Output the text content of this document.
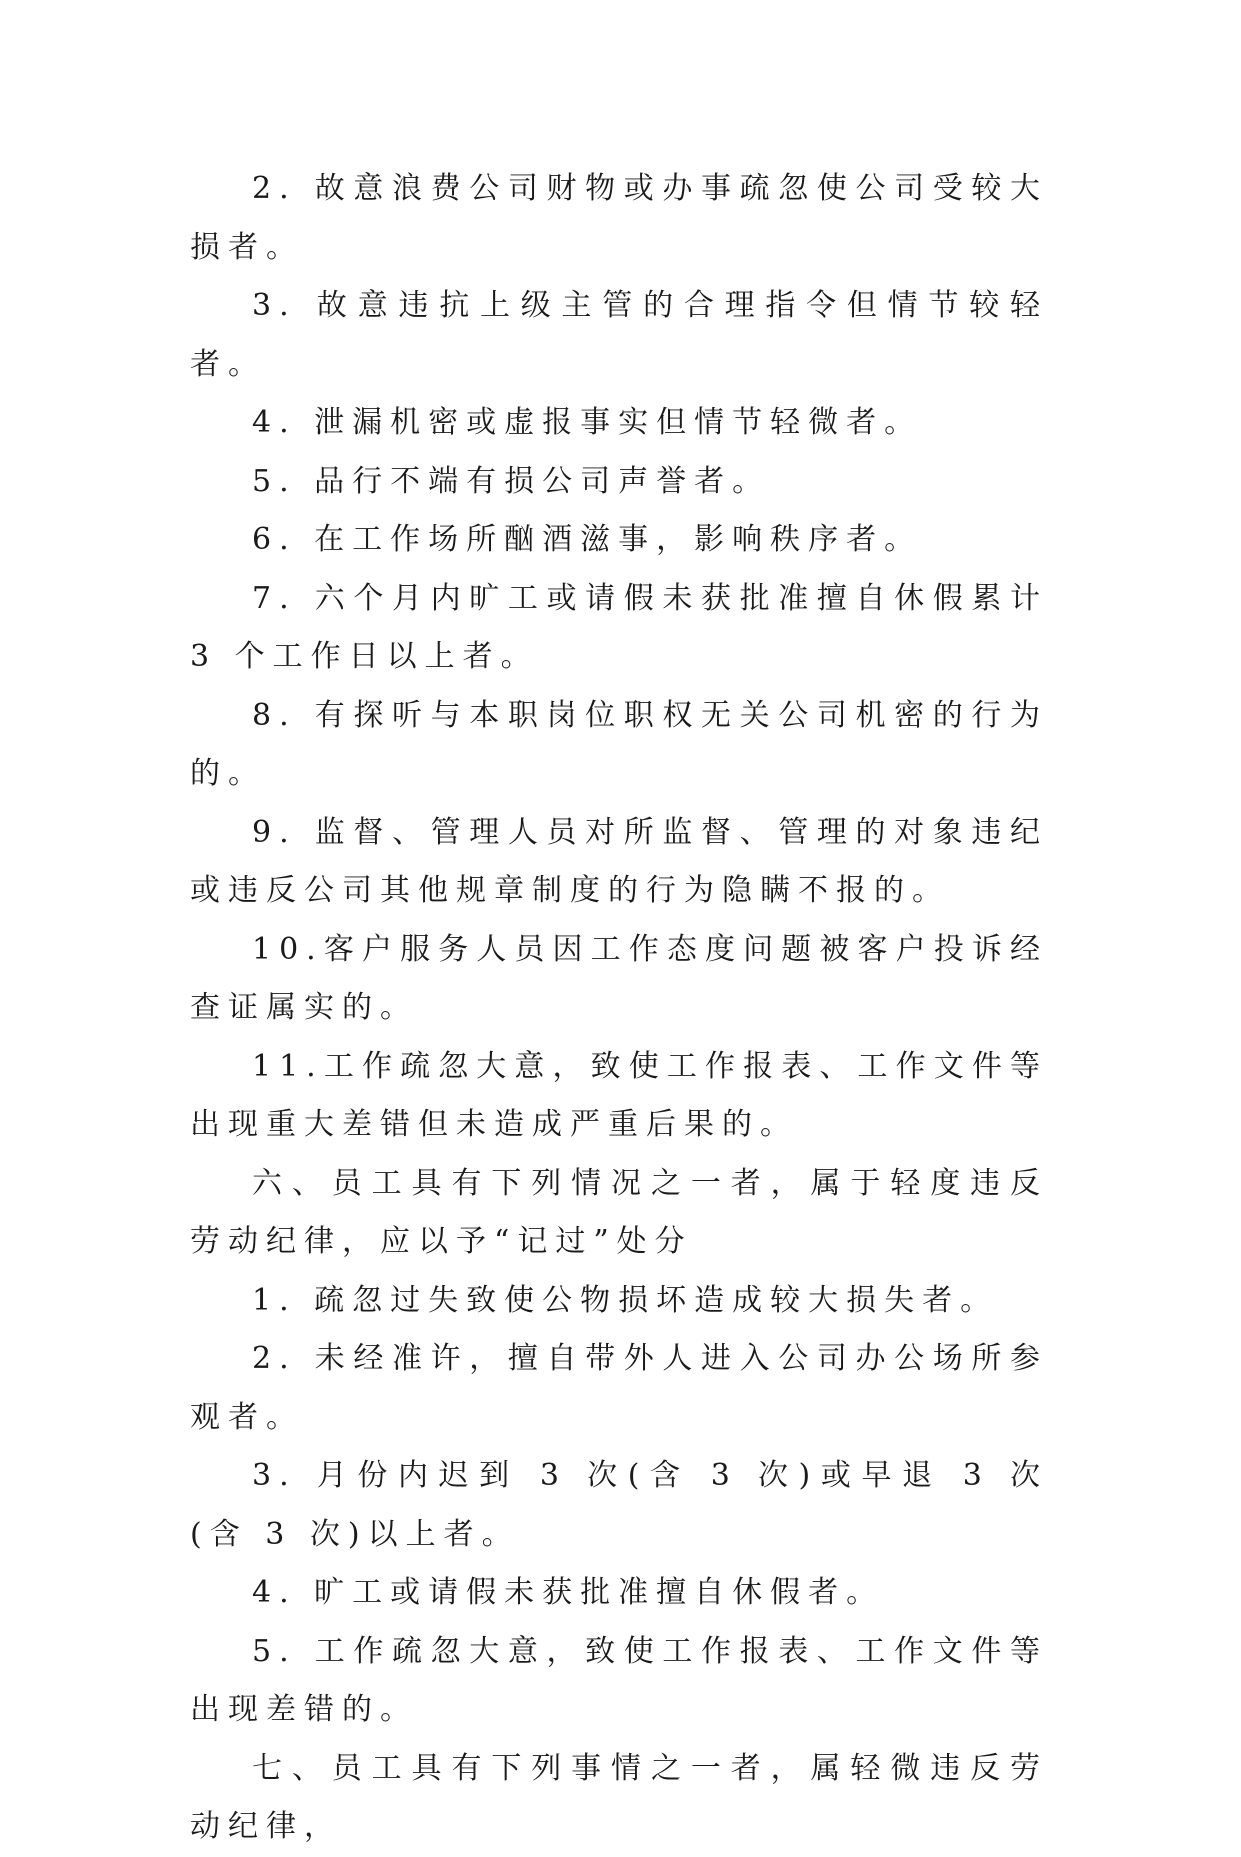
2. 故意浪费公司财物或办事疏忽使公司受较大损者。

3. 故意违抗上级主管的合理指令但情节较轻者。

4. 泄漏机密或虚报事实但情节轻微者。

5. 品行不端有损公司声誉者。

6. 在工作场所酗酒滋事，影响秩序者。

7. 六个月内旷工或请假未获批准擅自休假累计 3 个工作日以上者。

8. 有探听与本职岗位职权无关公司机密的行为的。

9. 监督、管理人员对所监督、管理的对象违纪或违反公司其他规章制度的行为隐瞒不报的。

10.客户服务人员因工作态度问题被客户投诉经查证属实的。

11.工作疏忽大意，致使工作报表、工作文件等出现重大差错但未造成严重后果的。

六、员工具有下列情况之一者，属于轻度违反劳动纪律，应以予“记过”处分

1. 疏忽过失致使公物损坏造成较大损失者。

2. 未经准许，擅自带外人进入公司办公场所参观者。

3. 月份内迟到 3 次(含 3 次)或早退 3 次(含 3 次)以上者。

4. 旷工或请假未获批准擅自休假者。

5. 工作疏忽大意，致使工作报表、工作文件等出现差错的。

七、员工具有下列事情之一者，属轻微违反劳动纪律，
